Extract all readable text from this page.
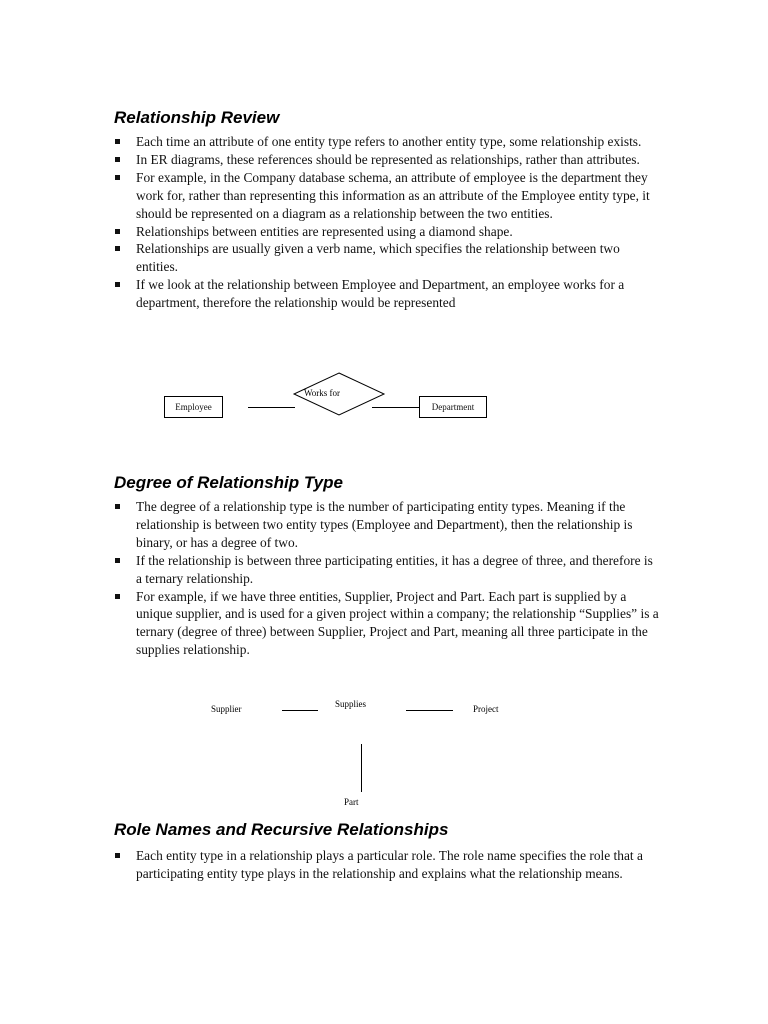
Relationship Review
Each time an attribute of one entity type refers to another entity type, some relationship exists.
In ER diagrams, these references should be represented as relationships, rather than attributes.
For example, in the Company database schema, an attribute of employee is the department they work for, rather than representing this information as an attribute of the Employee entity type, it should be represented on a diagram as a relationship between the two entities.
Relationships between entities are represented using a diamond shape.
Relationships are usually given a verb name, which specifies the relationship between two entities.
If we look at the relationship between Employee and Department, an employee works for a department, therefore the relationship would be represented
Employee
Works for
Department
Degree of Relationship Type
The degree of a relationship type is the number of participating entity types. Meaning if the relationship is between two entity types (Employee and Department), then the relationship is binary, or has a degree of two.
If the relationship is between three participating entities, it has a degree of three, and therefore is a ternary relationship.
For example, if we have three entities, Supplier, Project and Part. Each part is supplied by a unique supplier, and is used for a given project within a company; the relationship “Supplies” is a ternary (degree of three) between Supplier, Project and Part, meaning all three participate in the supplies relationship.
Supplier	Supplies	Project
Part
Role Names and Recursive Relationships
Each entity type in a relationship plays a particular role. The role name specifies the role that a participating entity type plays in the relationship and explains what the relationship means.
